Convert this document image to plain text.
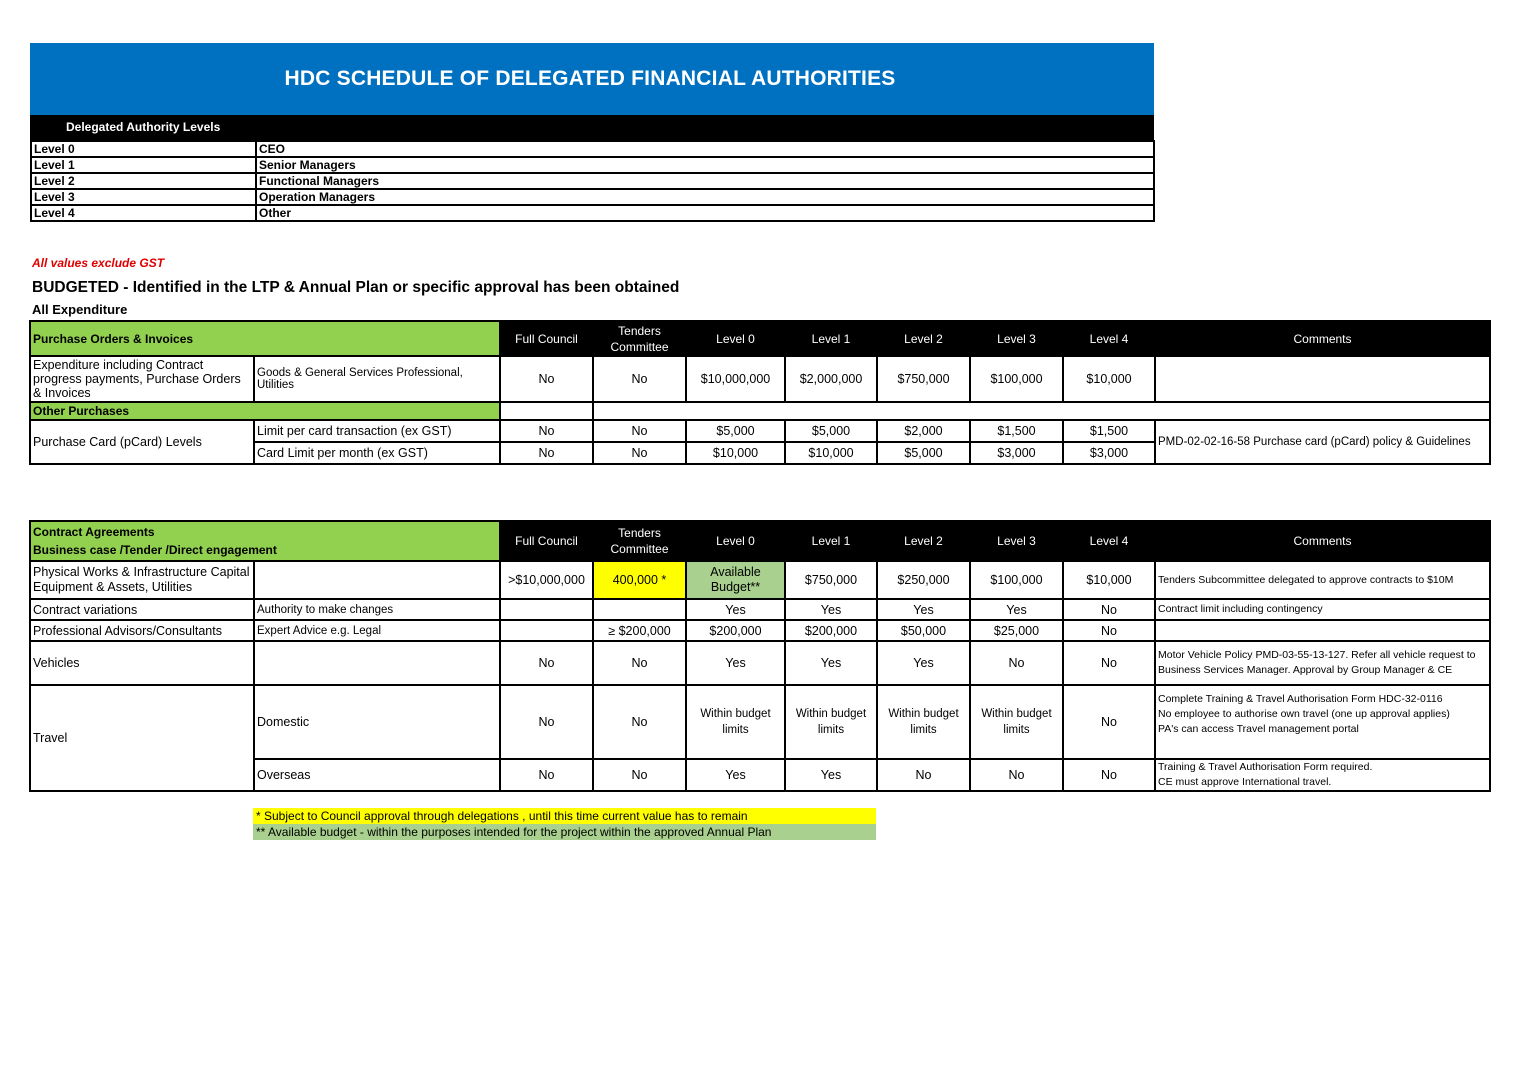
HDC SCHEDULE OF DELEGATED FINANCIAL AUTHORITIES
Delegated Authority Levels
Level 0	CEO
Level 1	Senior Managers
Level 2	Functional Managers
Level 3	Operation Managers
Level 4	Other
All values exclude GST
BUDGETED - Identified in the LTP & Annual Plan or specific approval has been obtained
All Expenditure
Purchase Orders & Invoices		Full Council	Tenders Committee	Level 0	Level 1	Level 2	Level 3	Level 4	Comments
Expenditure including Contract progress payments, Purchase Orders & Invoices	Goods & General Services Professional, Utilities	No	No	$10,000,000	$2,000,000	$750,000	$100,000	$10,000	
Other Purchases									
Purchase Card (pCard) Levels	Limit per card transaction (ex GST)	No	No	$5,000	$5,000	$2,000	$1,500	$1,500	PMD-02-02-16-58 Purchase card (pCard) policy & Guidelines
	Card Limit per month (ex GST)	No	No	$10,000	$10,000	$5,000	$3,000	$3,000	
Contract Agreements
Business case /Tender /Direct engagement		Full Council	Tenders Committee	Level 0	Level 1	Level 2	Level 3	Level 4	Comments
Physical Works & Infrastructure Capital Equipment & Assets, Utilities		>$10,000,000	400,000 *	Available Budget**	$750,000	$250,000	$100,000	$10,000	Tenders Subcommittee delegated to approve contracts to $10M
Contract variations	Authority to make changes			Yes	Yes	Yes	Yes	No	Contract limit including contingency
Professional Advisors/Consultants	Expert Advice e.g. Legal		≥ $200,000	$200,000	$200,000	$50,000	$25,000	No	
Vehicles		No	No	Yes	Yes	Yes	No	No	Motor Vehicle Policy PMD-03-55-13-127. Refer all vehicle request to Business Services Manager. Approval by Group Manager & CE
Travel	Domestic	No	No	Within budget limits	Within budget limits	Within budget limits	Within budget limits	No	Complete Training & Travel Authorisation Form HDC-32-0116
No employee to authorise own travel (one up approval applies)
PA's can access Travel management portal

	Overseas	No	No	Yes	Yes	No	No	No	Training & Travel Authorisation Form required.
CE must approve International travel.
* Subject to Council approval through delegations , until this time current value has to remain
** Available budget - within the purposes intended for the project within the approved Annual Plan
